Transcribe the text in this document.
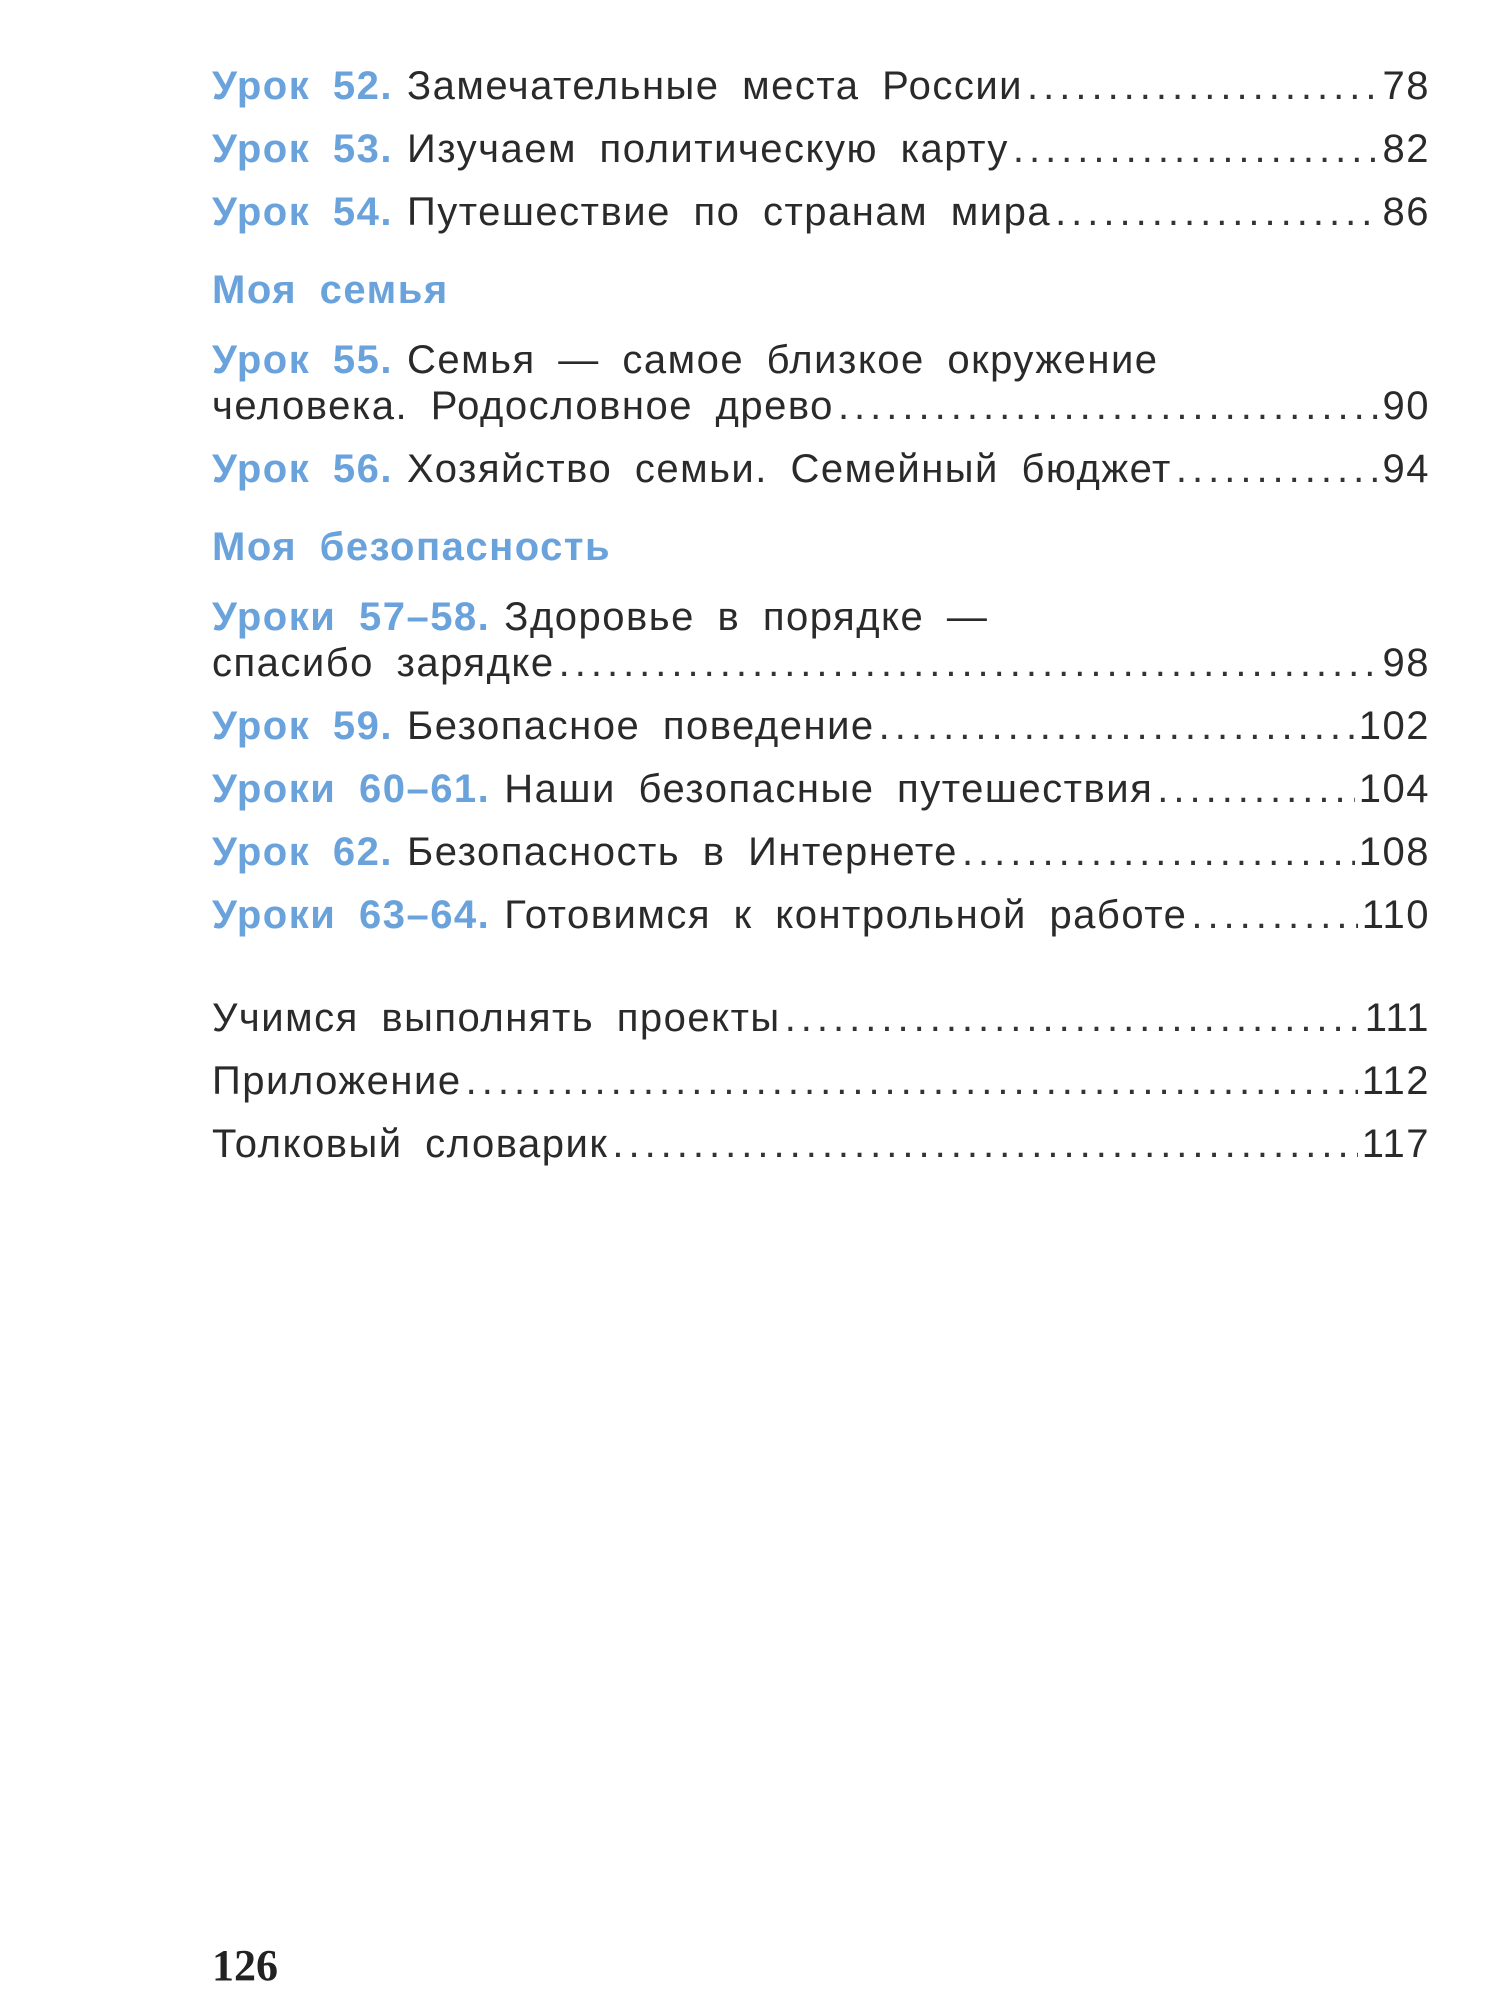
Урок 52. Замечательные места России .....	78
Урок 53. Изучаем политическую карту .....	82
Урок 54. Путешествие по странам мира .....	86
Моя семья
Урок 55. Семья — самое близкое окружение
человека. Родословное древо .....	90
Урок 56. Хозяйство семьи. Семейный бюджет .....	94
Моя безопасность
Уроки 57–58. Здоровье в порядке —
спасибо зарядке .....	98
Урок 59. Безопасное поведение .....	102
Уроки 60–61. Наши безопасные путешествия .....	104
Урок 62. Безопасность в Интернете .....	108
Уроки 63–64. Готовимся к контрольной работе .....	110
Учимся выполнять проекты .....	111
Приложение .....	112
Толковый словарик .....	117
126
